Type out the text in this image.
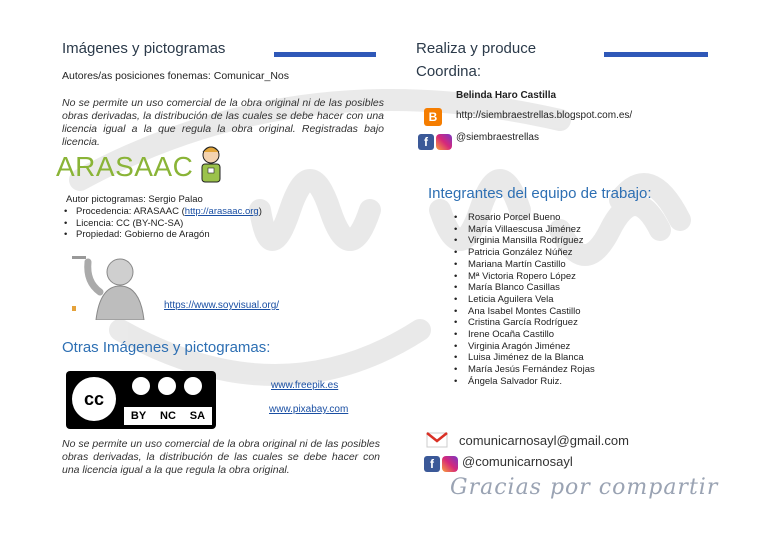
Imágenes y pictogramas
Autores/as posiciones fonemas: Comunicar_Nos
No se permite un uso comercial de la obra original ni de las posibles obras derivadas, la distribución de las cuales se debe hacer con una licencia igual a la que regula la obra original. Registradas bajo licencia.
ARASAAC
Autor pictogramas: Sergio Palao
• Procedencia: ARASAAC (http://arasaac.org)
• Licencia: CC (BY-NC-SA)
• Propiedad: Gobierno de Aragón
https://www.soyvisual.org/
Otras Imágenes y pictogramas:
cc
BY NC SA
www.freepik.es
www.pixabay.com
No se permite un uso comercial de la obra original ni de las posibles obras derivadas, la distribución de las cuales se debe hacer con una licencia igual a la que regula la obra original.
Realiza y produce
Coordina:
Belinda Haro Castilla
B	http://siembraestrellas.blogspot.com.es/
f	@siembraestrellas
Integrantes del equipo de trabajo:
• Rosario Porcel Bueno
• María Villaescusa Jiménez
• Virginia Mansilla Rodríguez
• Patricia González Núñez
• Mariana Martín Castillo
• Mª Victoria Ropero López
• María Blanco Casillas
• Leticia Aguilera Vela
• Ana Isabel Montes Castillo
• Cristina García Rodríguez
• Irene Ocaña Castillo
• Virginia Aragón Jiménez
• Luisa Jiménez de la Blanca
• María Jesús Fernández Rojas
• Ángela Salvador Ruiz.
comunicarnosayl@gmail.com
f	@comunicarnosayl
Gracias por compartir
